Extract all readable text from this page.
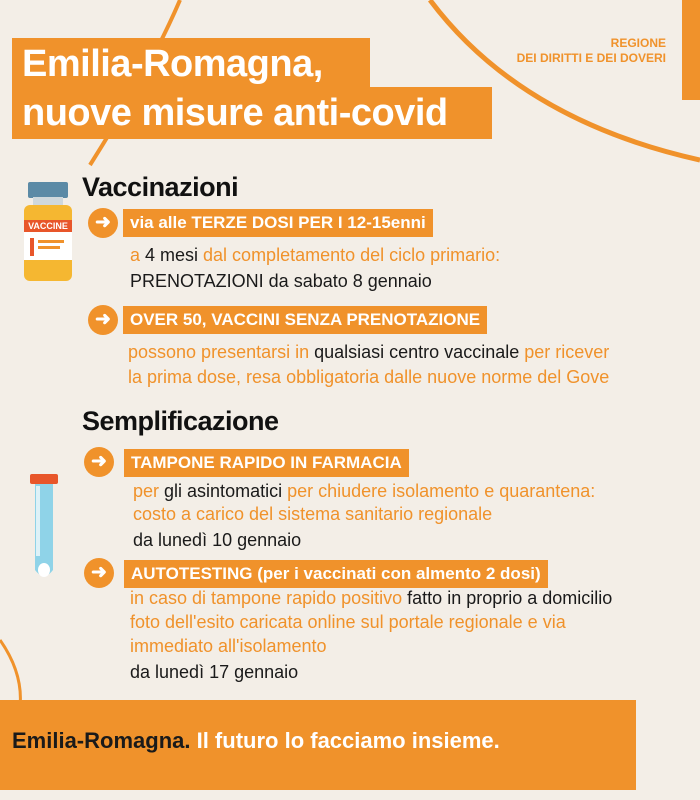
Emilia-Romagna,
nuove misure anti-covid
REGIONE
DEI DIRITTI E DEI DOVERI
VACCINE
Vaccinazioni
➜	via alle TERZE DOSI PER I 12-15enni
a 4 mesi dal completamento del ciclo primario:
PRENOTAZIONI da sabato 8 gennaio
➜	OVER 50, VACCINI SENZA PRENOTAZIONE
possono presentarsi in qualsiasi centro vaccinale per ricever
la prima dose, resa obbligatoria dalle nuove norme del Gove
Semplificazione
➜	TAMPONE RAPIDO IN FARMACIA
per gli asintomatici per chiudere isolamento e quarantena:
costo a carico del sistema sanitario regionale
da lunedì 10 gennaio
➜	AUTOTESTING (per i vaccinati con almento 2 dosi)
in caso di tampone rapido positivo fatto in proprio a domicilio
foto dell'esito caricata online sul portale regionale e via
immediato all'isolamento
da lunedì 17 gennaio
Emilia-Romagna. Il futuro lo facciamo insieme.
